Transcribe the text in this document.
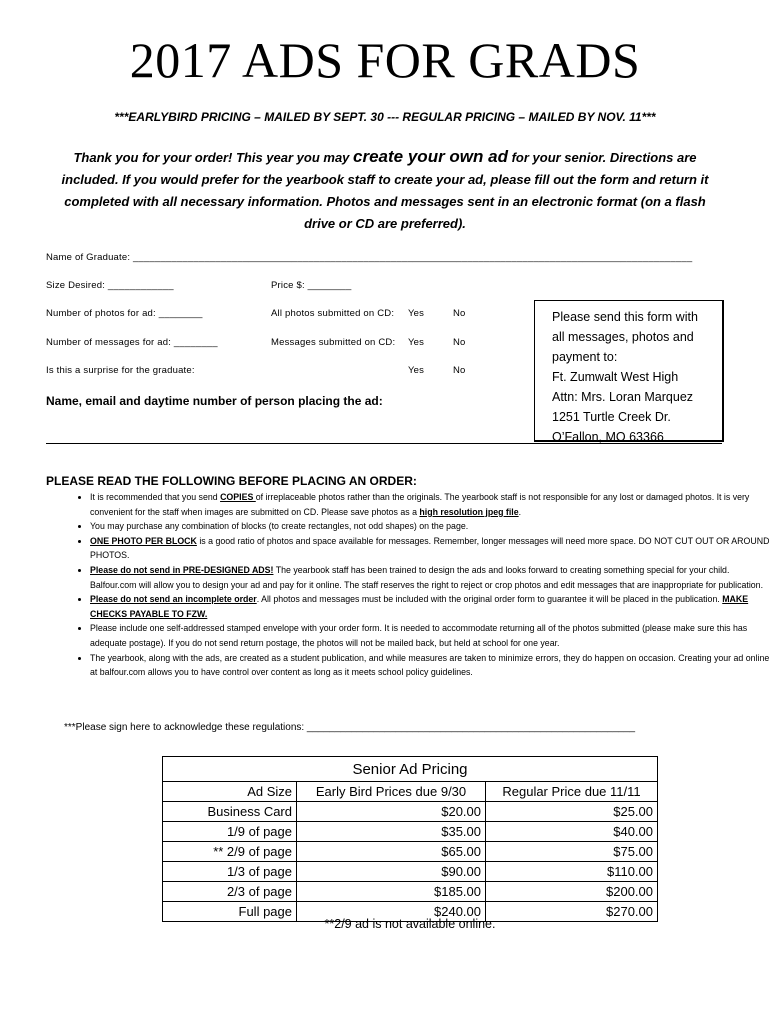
2017 ADS FOR GRADS
***EARLYBIRD PRICING – MAILED BY SEPT. 30 --- REGULAR PRICING – MAILED BY NOV. 11***
Thank you for your order! This year you may create your own ad for your senior. Directions are included. If you would prefer for the yearbook staff to create your ad, please fill out the form and return it completed with all necessary information. Photos and messages sent in an electronic format (on a flash drive or CD are preferred).
Name of Graduate: ______________________________________________________________________________________________________
Size Desired: ____________	Price $: ________
Number of photos for ad: ________	All photos submitted on CD: Yes	No
Number of messages for ad: ________	Messages submitted on CD: Yes	No
Is this a surprise for the graduate:	Yes	No
Name, email and daytime number of person placing the ad:
Please send this form with
all messages, photos and
payment to:
Ft. Zumwalt West High
Attn: Mrs. Loran Marquez
1251 Turtle Creek Dr.
O’Fallon, MO 63366
PLEASE READ THE FOLLOWING BEFORE PLACING AN ORDER:
• It is recommended that you send COPIES of irreplaceable photos rather than the originals. The yearbook staff is not responsible for any lost or damaged photos. It is very convenient for the staff when images are submitted on CD. Please save photos as a high resolution jpeg file.
• You may purchase any combination of blocks (to create rectangles, not odd shapes) on the page.
• ONE PHOTO PER BLOCK is a good ratio of photos and space available for messages. Remember, longer messages will need more space. DO NOT CUT OUT OR AROUND PHOTOS.
• Please do not send in PRE-DESIGNED ADS! The yearbook staff has been trained to design the ads and looks forward to creating something special for your child. Balfour.com will allow you to design your ad and pay for it online. The staff reserves the right to reject or crop photos and edit messages that are inappropriate for publication.
• Please do not send an incomplete order. All photos and messages must be included with the original order form to guarantee it will be placed in the publication. MAKE CHECKS PAYABLE TO FZW.
• Please include one self-addressed stamped envelope with your order form. It is needed to accommodate returning all of the photos submitted (please make sure this has adequate postage). If you do not send return postage, the photos will not be mailed back, but held at school for one year.
• The yearbook, along with the ads, are created as a student publication, and while measures are taken to minimize errors, they do happen on occasion. Creating your ad online at balfour.com allows you to have control over content as long as it meets school policy guidelines.
***Please sign here to acknowledge these regulations: ___________________________________________________________
Senior Ad Pricing		
Ad Size	Early Bird Prices due 9/30	Regular Price due 11/11
Business Card	$20.00	$25.00
1/9 of page	$35.00	$40.00
** 2/9 of page	$65.00	$75.00
1/3 of page	$90.00	$110.00
2/3 of page	$185.00	$200.00
Full page	$240.00	$270.00
**2/9 ad is not available online.
